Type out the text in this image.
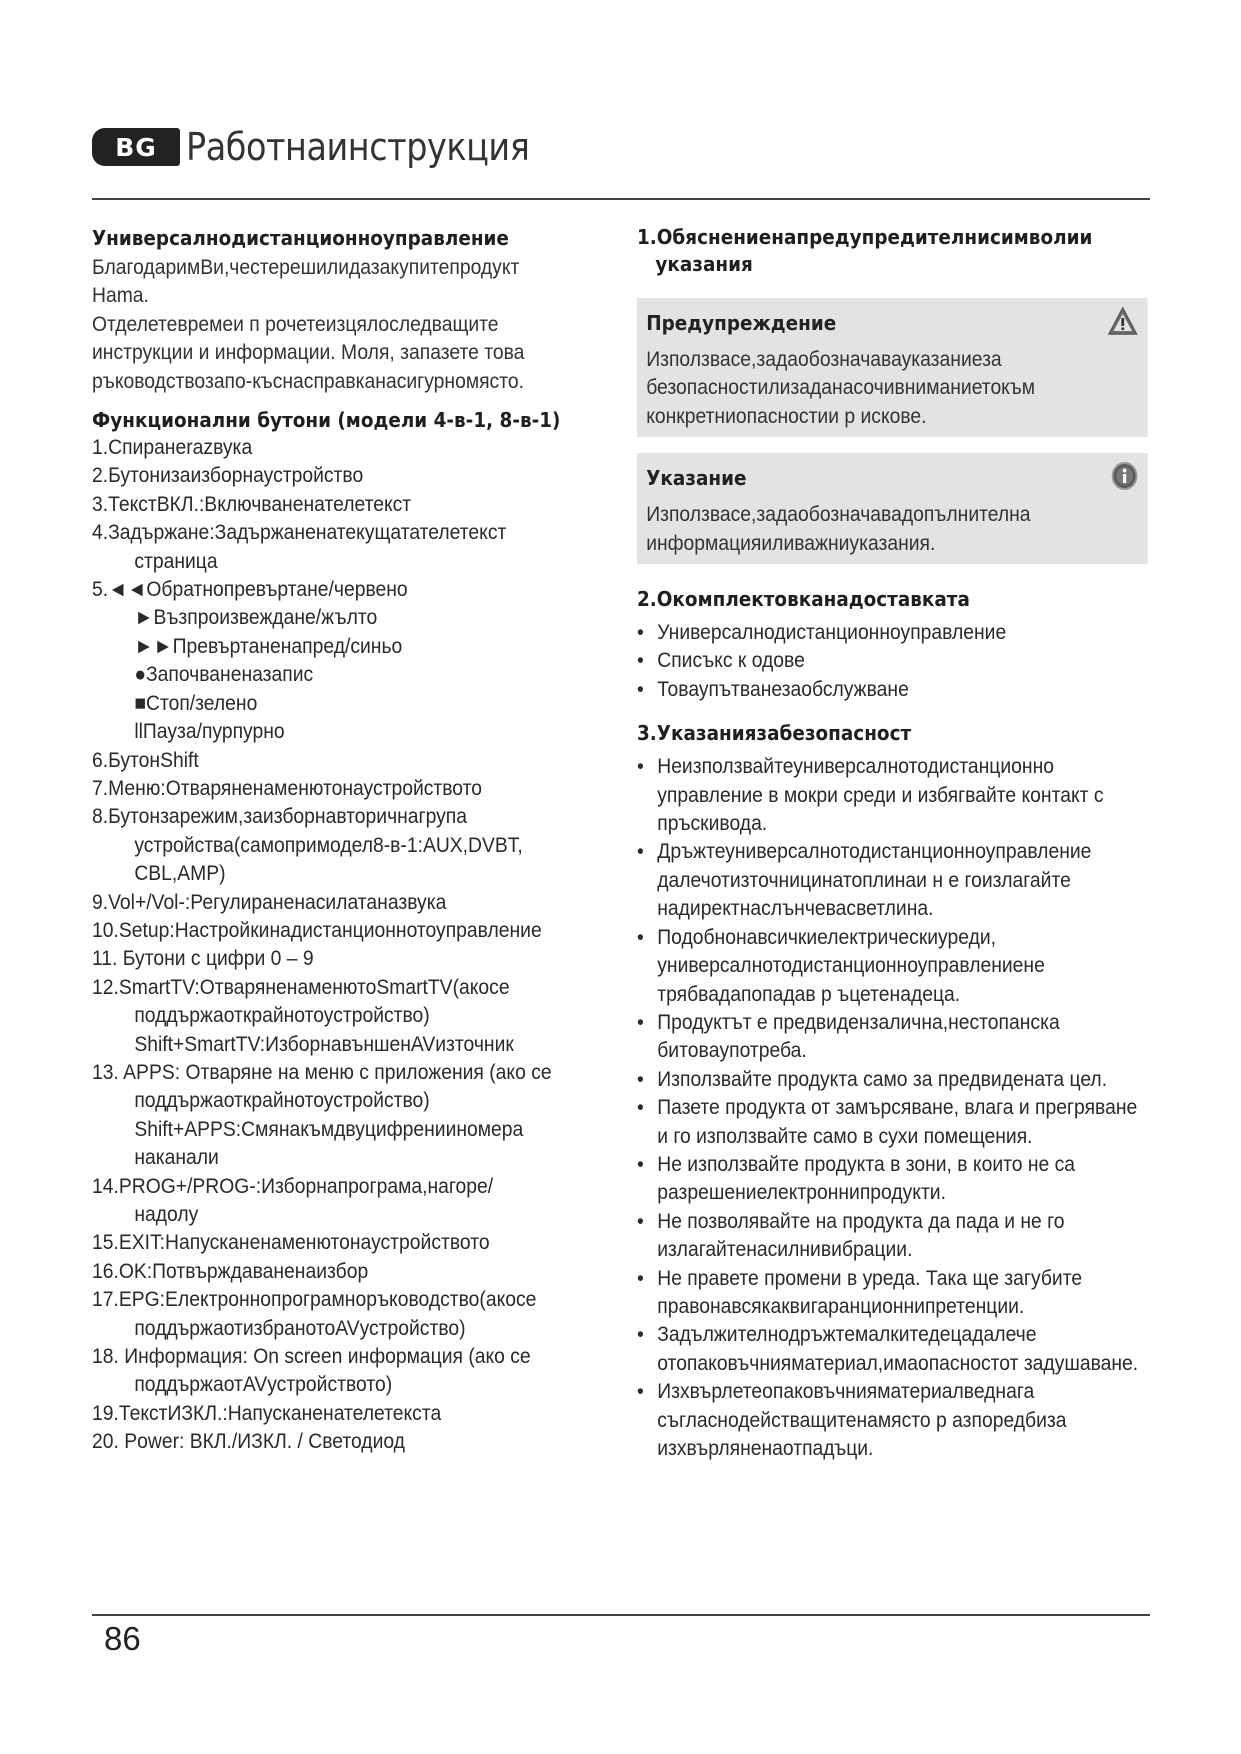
BG Работнаинструкция
Универсалнодистанционноуправление

БлагодаримВи,честерешилидазакупитепродукт

Hama.

Отделетевремеи п рочетеизцялоследващите

инструкции и информации. Моля, запазете това

ръководствозапо-къснасправканасигурномясто.

Функционални бутони (модели 4-в-1, 8-в-1)
1.Спиранеrazвука
2.Бутонизаизборнаустройство
3.ТекстВКЛ.:Включваненателетекст
4.Задържане:Задържаненатекущатателетекст
страница
5.◄◄Обратнопревъртане/червено
►Възпроизвеждане/жълто
►►Превъртаненапред/синьо
●Започваненазапис
■Стоп/зелено
llПауза/пурпурно
6.БутонShift
7.Меню:Отваряненаменютонаустройството
8.Бутонзарежим,заизборнавторичнагрупа
устройства(самопримодел8-в-1:AUX,DVBT,
CBL,AMP)
9.Vol+/Vol-:Регулираненасилатаназвука
10.Setup:Настройкинадистанционнотоуправление
11. Бутони с цифри 0 – 9
12.SmartTV:ОтваряненаменютоSmartTV(акосе
поддържаоткрайнотоустройство)
Shift+SmartTV:ИзборнавъншенAVизточник
13. APPS: Отваряне на меню с приложения (ако се
поддържаоткрайнотоустройство)
Shift+APPS:Смянакъмдвуцифренииномера
наканали
14.PROG+/PROG-:Изборнапрограма,нагоре/
надолу
15.EXIT:Напусканенаменютонаустройството
16.OK:Потвърждаваненаизбор
17.EPG:Електроннопрограмноръководство(акосе
поддържаотизбранотоAVустройство)
18. Информация: On screen информация (ако се
поддържаотAVустройството)
19.ТекстИЗКЛ.:Напусканенателетекста
20. Power: ВКЛ./ИЗКЛ. / Светодиод
1.Обяснениенапредупредителнисимволии указания
Предупреждение
Използвасе,задаобозначавауказаниеза безопасностилизаданасочивниманиетокъм конкретниопасностии р искове.
Указание
Използвасе,задаобозначавадопълнителна информацияиливажниуказания.
2.Окомплектовканадоставката
• Универсалнодистанционноуправление
• Списъкс к одове
• Товаупътванезаобслужване
3.Указаниязабезопасност
• Неизползвайтеуниверсалнотодистанционно управление в мокри среди и избягвайте контакт с пръскивода.
• Дръжтеуниверсалнотодистанционноуправление далечотизточницинатоплинаи н е гоизлагайте надиректнаслънчевасветлина.
• Подобнонавсичкиелектрическиуреди, универсалнотодистанционноуправлениене трябвадапопадав р ъцетенадеца.
• Продуктът е предвидензаличнa,нестопанска битовaупотреба.
• Използвайте продукта само за предвидената цел.
• Пазете продукта от замърсяване, влага и прегряване и го използвайте само в сухи помещения.
• Не използвайте продукта в зони, в които не са разрешениелектроннипродукти.
• Не позволявайте на продукта да пада и не го излагайтенасилнивибрации.
• Не правете промени в уреда. Така ще загубите правонавсякаквигаранционнипретенции.
• Задължителнодръжтемалкитедецадалече отопаковъчнияматериал,имаопасностот задушаване.
• Изхвърлетеопаковъчнияматериалведнага съгласнодействащитенамясто р азпоредбиза изхвърляненаотпадъци.
86
